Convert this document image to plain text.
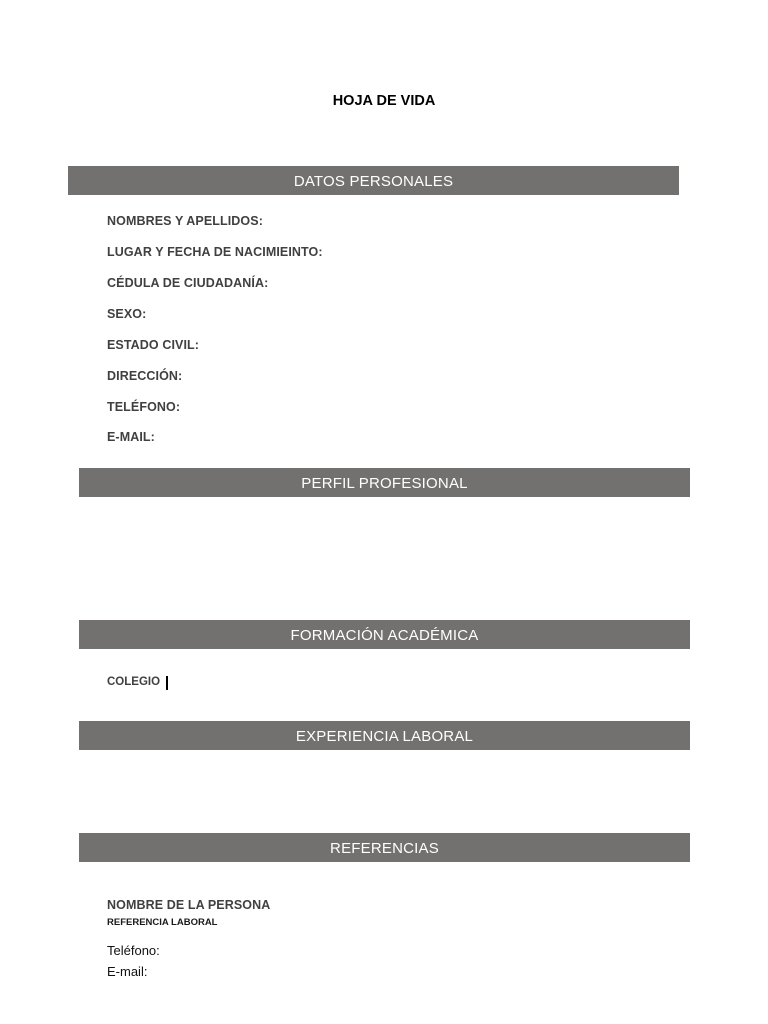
HOJA DE VIDA
DATOS PERSONALES
NOMBRES Y APELLIDOS:
LUGAR Y FECHA DE NACIMIEINTO:
CÉDULA DE CIUDADANÍA:
SEXO:
ESTADO CIVIL:
DIRECCIÓN:
TELÉFONO:
E-MAIL:
PERFIL PROFESIONAL
FORMACIÓN ACADÉMICA
COLEGIO
EXPERIENCIA LABORAL
REFERENCIAS
NOMBRE DE LA PERSONA
REFERENCIA LABORAL
Teléfono:
E-mail:
